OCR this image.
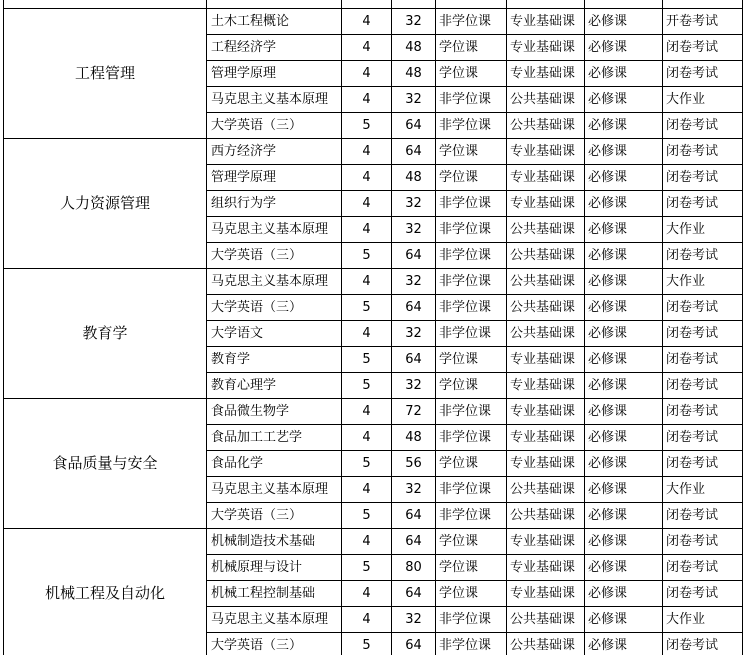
工程管理	土木工程概论	4	32	非学位课	专业基础课	必修课	开卷考试
	工程经济学	4	48	学位课	专业基础课	必修课	闭卷考试
	管理学原理	4	48	学位课	专业基础课	必修课	闭卷考试
	马克思主义基本原理	4	32	非学位课	公共基础课	必修课	大作业
	大学英语（三）	5	64	非学位课	公共基础课	必修课	闭卷考试
人力资源管理	西方经济学	4	64	学位课	专业基础课	必修课	闭卷考试
	管理学原理	4	48	学位课	专业基础课	必修课	闭卷考试
	组织行为学	4	32	非学位课	专业基础课	必修课	闭卷考试
	马克思主义基本原理	4	32	非学位课	公共基础课	必修课	大作业
	大学英语（三）	5	64	非学位课	公共基础课	必修课	闭卷考试
教育学	马克思主义基本原理	4	32	非学位课	公共基础课	必修课	大作业
	大学英语（三）	5	64	非学位课	公共基础课	必修课	闭卷考试
	大学语文	4	32	非学位课	公共基础课	必修课	闭卷考试
	教育学	5	64	学位课	专业基础课	必修课	闭卷考试
	教育心理学	5	32	学位课	专业基础课	必修课	闭卷考试
食品质量与安全	食品微生物学	4	72	非学位课	专业基础课	必修课	闭卷考试
	食品加工工艺学	4	48	非学位课	专业基础课	必修课	闭卷考试
	食品化学	5	56	学位课	专业基础课	必修课	闭卷考试
	马克思主义基本原理	4	32	非学位课	公共基础课	必修课	大作业
	大学英语（三）	5	64	非学位课	公共基础课	必修课	闭卷考试
机械工程及自动化	机械制造技术基础	4	64	学位课	专业基础课	必修课	闭卷考试
	机械原理与设计	5	80	学位课	专业基础课	必修课	闭卷考试
	机械工程控制基础	4	64	学位课	专业基础课	必修课	闭卷考试
	马克思主义基本原理	4	32	非学位课	公共基础课	必修课	大作业
	大学英语（三）	5	64	非学位课	公共基础课	必修课	闭卷考试
